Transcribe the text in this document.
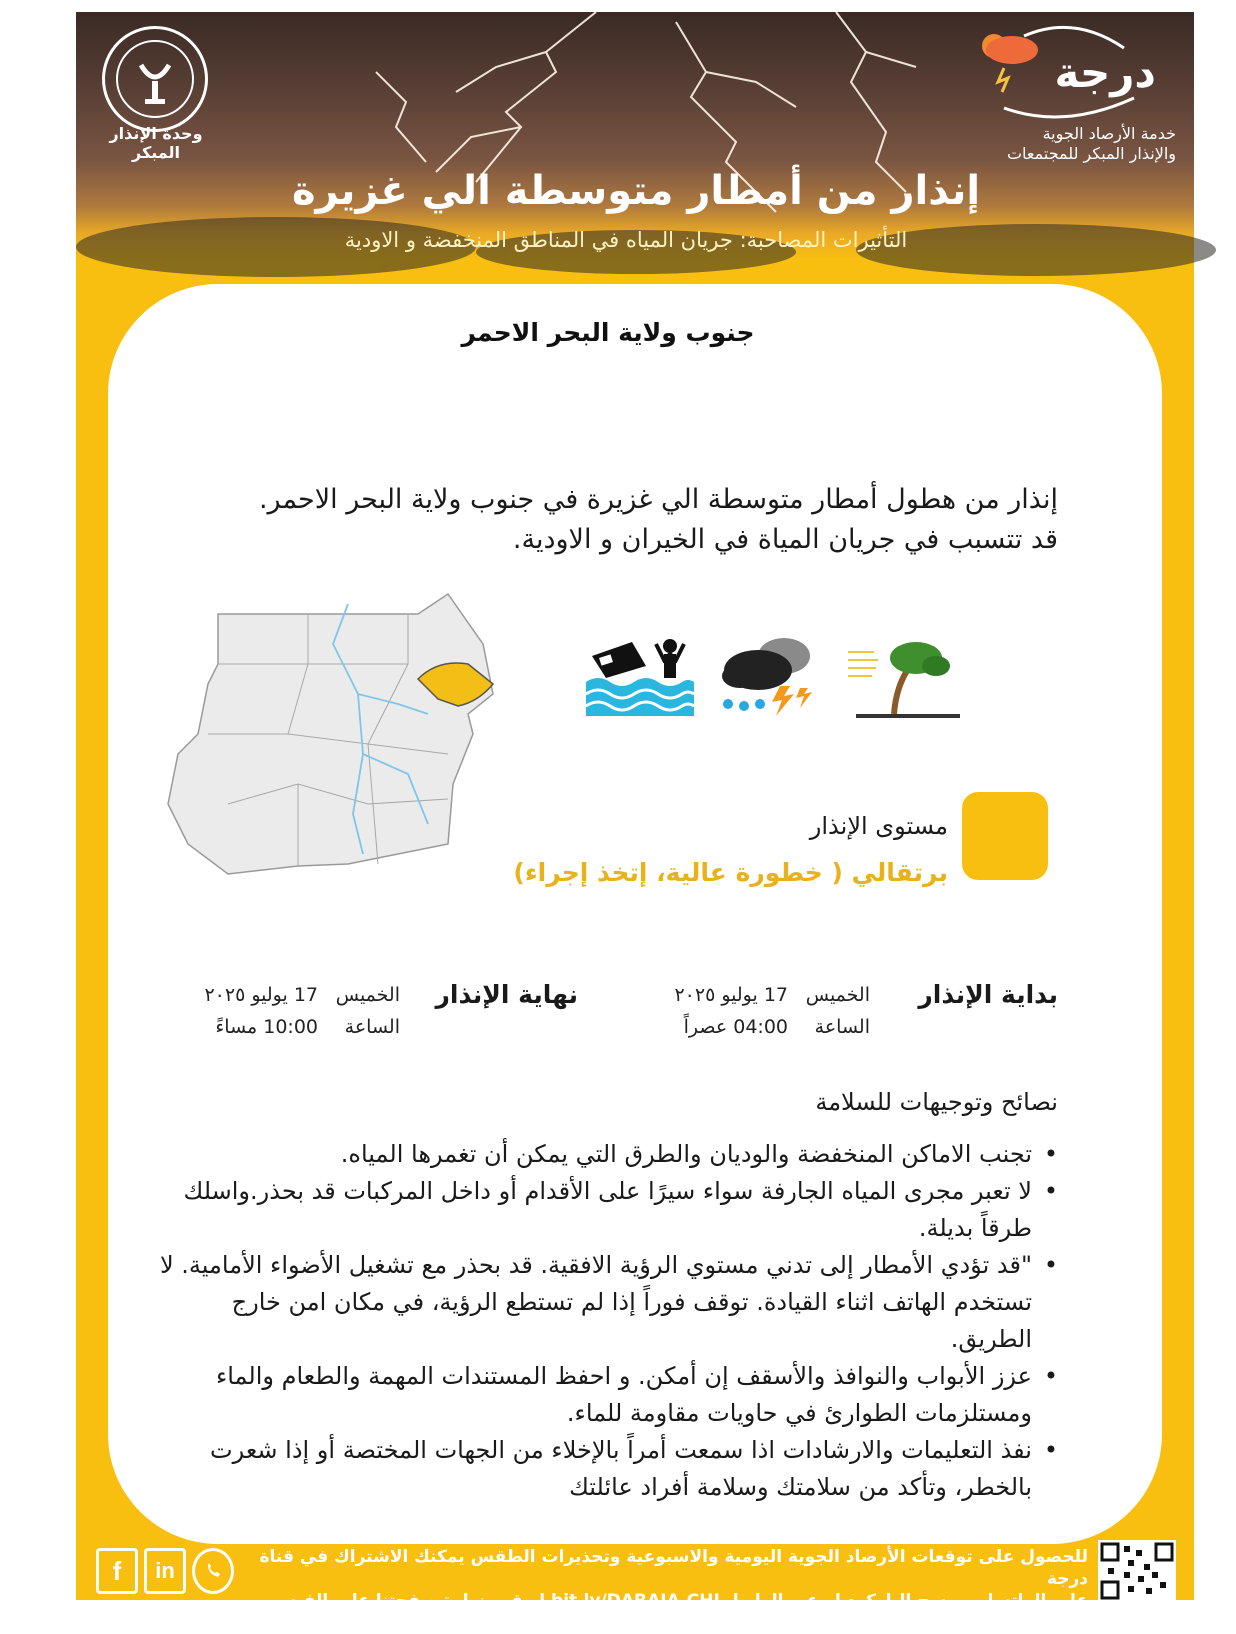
وحدة الإنذار المبكر
درجة
خدمة الأرصاد الجوية
والإنذار المبكر للمجتمعات
إنذار من أمطار متوسطة الي غزيرة
التأثيرات المصاحبة: جريان المياه في المناطق المنخفضة و الاودية
جنوب ولاية البحر الاحمر
إنذار من هطول أمطار متوسطة الي غزيرة في جنوب ولاية البحر الاحمر.
قد تتسبب في جريان المياة في الخيران و الاودية.
مستوى الإنذار
برتقالي ( خطورة عالية، إتخذ إجراء)
بداية الإنذار
الخميس
17 يوليو ٢٠٢٥
الساعة
04:00 عصراً
نهاية الإنذار
الخميس
17 يوليو ٢٠٢٥
الساعة
10:00 مساءً
نصائح وتوجيهات للسلامة
• تجنب الاماكن المنخفضة والوديان والطرق التي يمكن أن تغمرها المياه.
• لا تعبر مجرى المياه الجارفة سواء سيرًا على الأقدام أو داخل المركبات قد بحذر.واسلك طرقاً بديلة.
• "قد تؤدي الأمطار إلى تدني مستوي الرؤية الافقية. قد بحذر مع تشغيل الأضواء الأمامية. لا تستخدم الهاتف اثناء القيادة. توقف فوراً إذا لم تستطع الرؤية، في مكان امن خارج الطريق.
• عزز الأبواب والنوافذ والأسقف إن أمكن. و احفظ المستندات المهمة والطعام والماء ومستلزمات الطوارئ في حاويات مقاومة للماء.
• نفذ التعليمات والارشادات اذا سمعت أمراً بالإخلاء من الجهات المختصة أو إذا شعرت بالخطر، وتأكد من سلامتك وسلامة أفراد عائلتك
للحصول على توقعات الأرصاد الجوية اليومية والاسبوعية وتحذيرات الطقس يمكنك الاشتراك في قناة درجة
على الواتساب بمسح الباركود او عبر الرابط bit.ly/DARAJA-CHL او قم بزيارة صفحتنا على الفيس بوك
f	in
